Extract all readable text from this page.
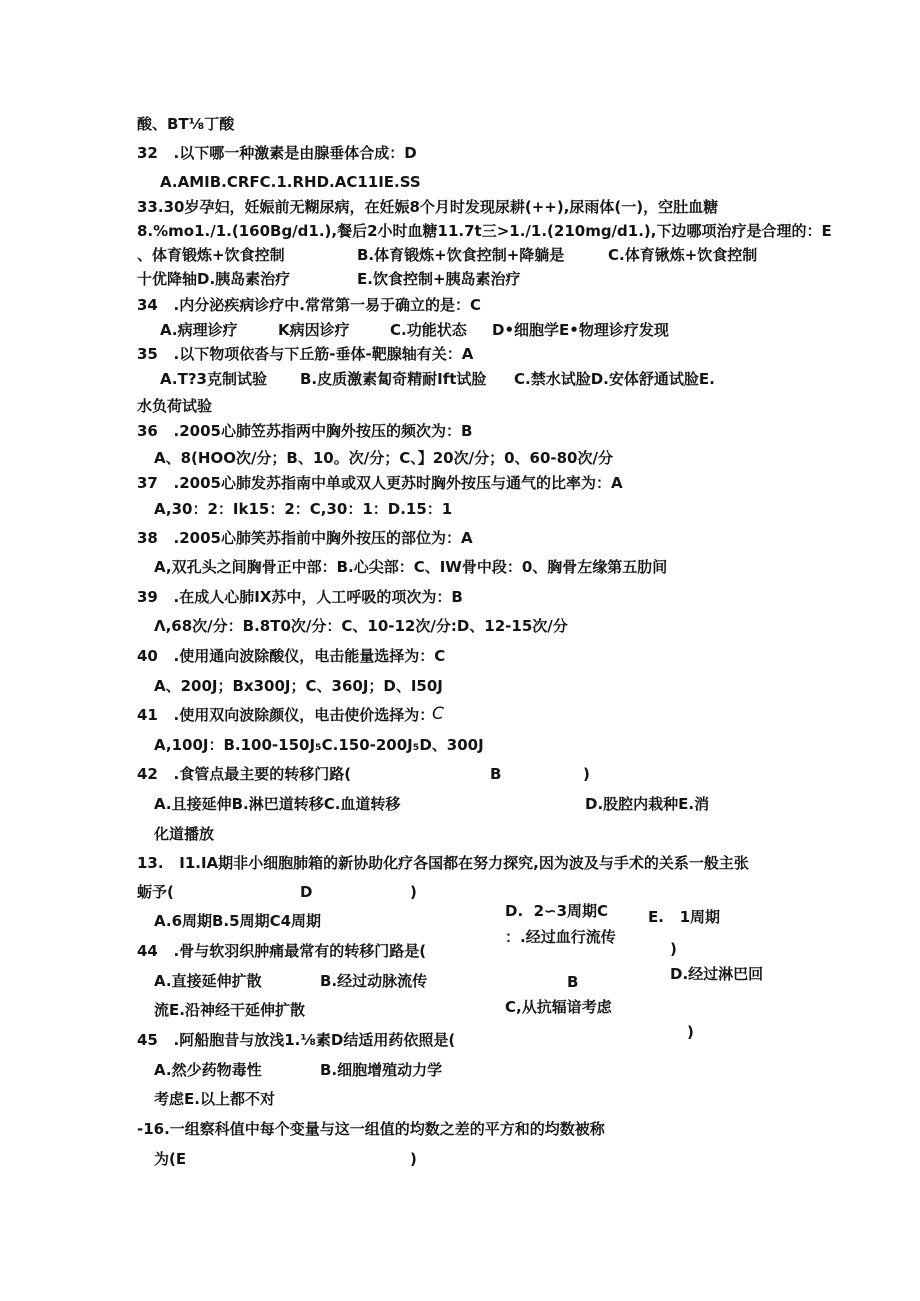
酸、BT⅛丁酸
32   .以下哪一种激素是由腺垂体合成：D
A.AMIB.CRFC.1.RHD.AC11IE.SS
33.30岁孕妇，妊娠前无糊尿病，在妊娠8个月时发现尿耕(++),尿雨体(一)，空肚血糖
8.%mo1./1.(160Bg/d1.),餐后2小时血糖11.7t三>1./1.(210mg/d1.),下边哪项治疗是合理的：E
、体育锻炼+饮食控制	B.体育锻炼+饮食控制+降躺是	C.体育锹炼+饮食控制
十优降轴D.胰岛素治疗	E.饮食控制+胰岛素治疗
34   .内分泌疾病诊疗中.常常第一易于确立的是：C
A.病理诊疗	K病因诊疗	C.功能状态 D•细胞学E•物理诊疗发现
35   .以下物项依沓与下丘筋-垂体-靶腺轴有关：A
A.T?3克制试验 B.皮质激素匐奇精耐Ift试脸 C.禁水试脸D.安体舒通试脸E.
水负荷试验
36   .2005心肺笠苏指两中胸外按压的频次为：B
A、8(HOO次/分；B、10。次/分；C、】20次/分；0、60-80次/分
37   .2005心肺发苏指南中单或双人更苏时胸外按压与通气的比率为：A
A,30：2：Ik15：2：C,30：1：D.15：1
38   .2005心肺笑苏指前中胸外按压的部位为：A
A,双孔头之间胸骨正中部：B.心尖部：C、IW骨中段：0、胸骨左缘第五肋间
39   .在成人心肺IX苏中，人工呼吸的项次为：B
Λ,68次/分：B.8T0次/分：C、10-12次/分:D、12-15次/分
40   .使用通向波除酸仪，电击能量选择为：C
A、200J；Bx300J；C、360J；D、I50J
41   .使用双向波除颜仪，电击使价选择为：
C
A,100J：B.100-150J₅C.150-200J₅D、300J
42   .食管点最主要的转移门路(	B	)
A.且接延伸B.淋巴道转移C.血道转移	D.股腔内栽种E.消
化道播放
13.   I1.IA期非小细胞肺箱的新协助化疗各国都在努力探究,因为波及与手术的关系一般主张
蛎予(	D	)
A.6周期B.5周期C4周期
D.  2∽3周期C
：.经过血行流传
E.   1周期
)
44   .骨与软羽织肿痛最常有的转移门路是(
D.经过淋巴回
A.直接延伸扩散	B.经过动脉流传	B
流E.沿神经干延伸扩散	C,从抗辐谙考虑
)
45   .阿船胞昔与放浅1.⅛素D结适用药依照是(
A.然少药物毒性	B.细胞增殖动力学
考虑E.以上都不对
-16.一组察科值中每个变量与这一组值的均数之差的平方和的均数被称
为(E	)
